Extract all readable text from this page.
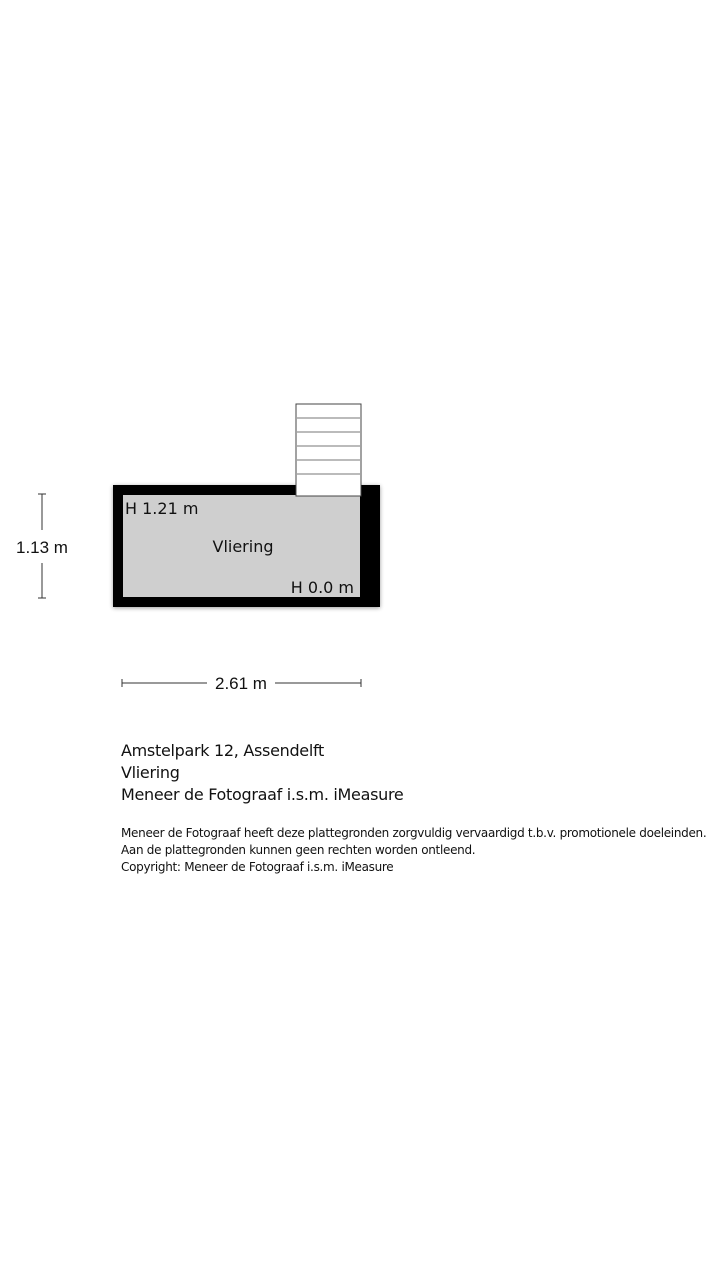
H 1.21 m
Vliering
H 0.0 m
1.13 m
2.61 m
Amstelpark 12, Assendelft
Vliering
Meneer de Fotograaf i.s.m. iMeasure
Meneer de Fotograaf heeft deze plattegronden zorgvuldig vervaardigd t.b.v. promotionele doeleinden.
Aan de plattegronden kunnen geen rechten worden ontleend.
Copyright: Meneer de Fotograaf i.s.m. iMeasure
